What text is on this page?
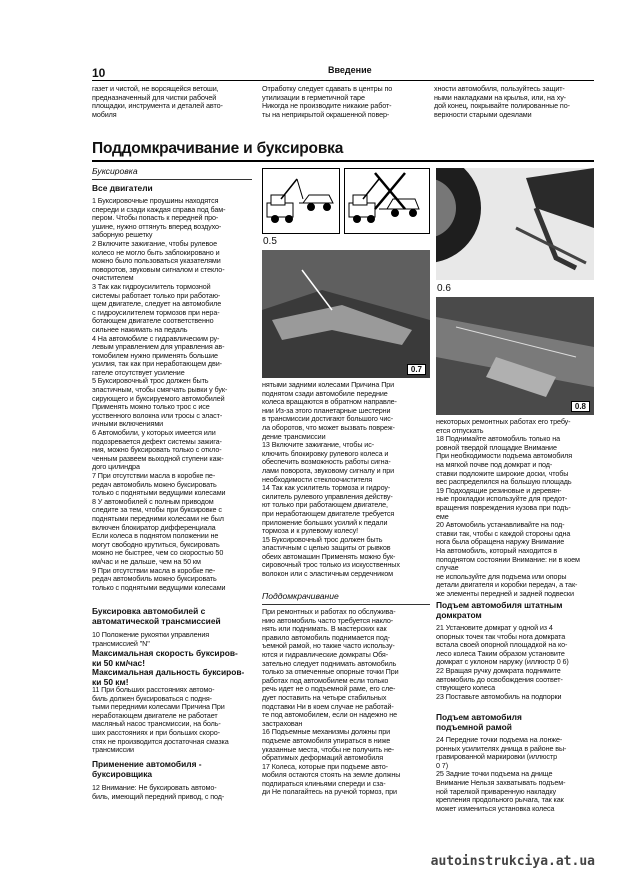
10	Введение

газет и чистой, не ворсящейся ветоши,
предназначенный для чистки рабочей
площадки, инструмента и деталей авто-
мобиля

Отработку следует сдавать в центры по
утилизации в герметичной таре
Никогда не производите никакие работ-
ты на неприкрытой окрашенной повер-

хности автомобиля, пользуйтесь защит-
ными накладками на крылья, или, на ху-
дой конец, покрывайте полированные по-
верхности старыми одеялами

Поддомкрачивание и буксировка
Буксировка
Все двигатели

1 Буксировочные проушины находятся
спереди и сзади каждая справа под бам-
пером. Чтобы попасть к передней про-
ушине, нужно оттянуть вперед воздухо-
заборную решетку
2 Включите зажигание, чтобы рулевое
колесо не могло быть заблокировано и
можно было пользоваться указателями
поворотов, звуковым сигналом и стекло-
очистителем
3 Так как гидроусилитель тормозной
системы работает только при работаю-
щем двигателе, следует на автомобиле
с гидроусилителем тормозов при нера-
ботающем двигателе соответственно
сильнее нажимать на педаль
4 На автомобиле с гидравлическим ру-
левым управлением для управления ав-
томобилем нужно применять большие
усилия, так как при неработающем дви-
гателе отсутствует усиление
5 Буксировочный трос должен быть
эластичным, чтобы смягчать рывки у бук-
сирующего и буксируемого автомобилей
Применять можно только трос с исе
усственного волокна или тросы с эласт-
ичными включениями
6 Автомобили, у которых имеется или
подозревается дефект системы зажига-
ния, можно буксировать только с откло-
ченным развеем выходной ступени каж-
дого цилиндра
7 При отсутствии масла в коробке пе-
редач автомобиль можно буксировать
только с поднятыми ведущими колесами
8 У автомобилей с полным приводом
следите за тем, чтобы при буксировке с
поднятыми передними колесами не был
включен блокиратор дифференциала
Если колеса в поднятом положении не
могут свободно крутиться, буксировать
можно не быстрее, чем со скоростью 50
км/час и не дальше, чем на 50 км
9 При отсутствии масла в коробке пе-
редач автомобиль можно буксировать
только с поднятыми ведущими колесами

Буксировка автомобилей с
автоматической трансмиссией

10 Положение рукоятки управления
трансмиссией "N"

Максимальная скорость буксиров-
ки 50 км/час!
Максимальная дальность буксиров-
ки 50 км!

11 При больших расстояниях автомо-
биль должен буксироваться с подня-
тыми передними колесами Причина При
неработающем двигателе не работает
масляный насос трансмиссии, на боль-
ших расстояниях и при больших скоро-
стях не производится достаточная смазка
трансмиссии

Применение автомобиля -
буксировщика

12 Внимание: Не буксировать автомо-
биль, имеющий передний привод, с под-

0.5
0.7

нятыми задними колесами Причина При
поднятом сзади автомобиле передние
колеса вращаются в обратном направле-
нии Из-за этого планетарные шестерни
в трансмиссии достигают большого чис-
ла оборотов, что может вызвать повреж-
дение трансмиссии
13 Включите зажигание, чтобы ис-
ключить блокировку рулевого колеса и
обеспечить возможность работы сигна-
лами поворота, звуковому сигналу и при
необходимости стеклоочистителя
14 Так как усилитель тормоза и гидроу-
силитель рулевого управления действу-
ют только при работающем двигателе,
при неработающем двигателе требуется
приложение больших усилий к педали
тормоза и к рулевому колесу!
15 Буксировочный трос должен быть
эластичным с целью защиты от рывков
обеих автомашин Применять можно бук-
сировочный трос только из искусственных
волокон или с эластичным сердечником

Поддомкрачивание

При ремонтных и работах по обслужива-
нию автомобиль часто требуется накло-
нять или поднимать. В мастерских как
правило автомобиль поднимается под-
ъемной рамой, но также часто использу-
ются и гидравлические домкраты Обя-
зательно следует поднимать автомобиль
только за отмеченные опорные точки При
работах под автомобилем если только
речь идет не о подъемной раме, его сле-
дует поставить на четыре стабильных
подставки Ни в коем случае не работай-
те под автомобилем, если он надежно не
застрахован
16 Подъемные механизмы должны при
подъеме автомобиля упираться в ниже
указанные места, чтобы не получить не-
обратимых деформаций автомобиля
17 Колеса, которые при подъеме авто-
мобиля остаются стоять на земле должны
подпираться клиньями спереди и сза-
ди Не полагайтесь на ручной тормоз, при

0.6
0.8

некоторых ремонтных работах его требу-
ется отпускать
18 Поднимайте автомобиль только на
ровной твердой площадке Внимание
При необходимости подъема автомобиля
на мягкой почве под домкрат и под-
ставки подложите широкие доски, чтобы
вес распределился на большую площадь
19 Подходящие резиновые и деревян-
ные прокладки используйте для предот-
вращения повреждения кузова при подъ-
еме
20 Автомобиль устанавливайте на под-
ставки так, чтобы с каждой стороны одна
нога была обращена наружу Внимание
На автомобиль, который находится в
поподнятом состоянии Внимание: ни в коем случае
не используйте для подъема или опоры
детали двигателя и коробки передач, а так-
же элементы передней и задней подвески

Подъем автомобиля штатным
домкратом

21 Установите домкрат у одной из 4
опорных точек так чтобы нога домкрата
встала своей опорной площадкой на ко-
лесо колеса Таким образом установите
домкрат с уклоном наружу (иллюстр 0 6)
22 Вращая ручку домкрата поднимите
автомобиль до освобождения соответ-
ствующего колеса
23 Поставьте автомобиль на подпорки

Подъем автомобиля
подъемной рамой

24 Передние точки подъема на лонже-
ронных усилителях днища в районе вы-
гравированной маркировки (иллюстр
0 7)
25 Задние точки подъема на днище
Внимание Нельзя захватывать подъем-
ной тарелкой приваренную накладку
крепления продольного рычага, так как
может измениться установка колеса

autoinstrukciya.at.ua
